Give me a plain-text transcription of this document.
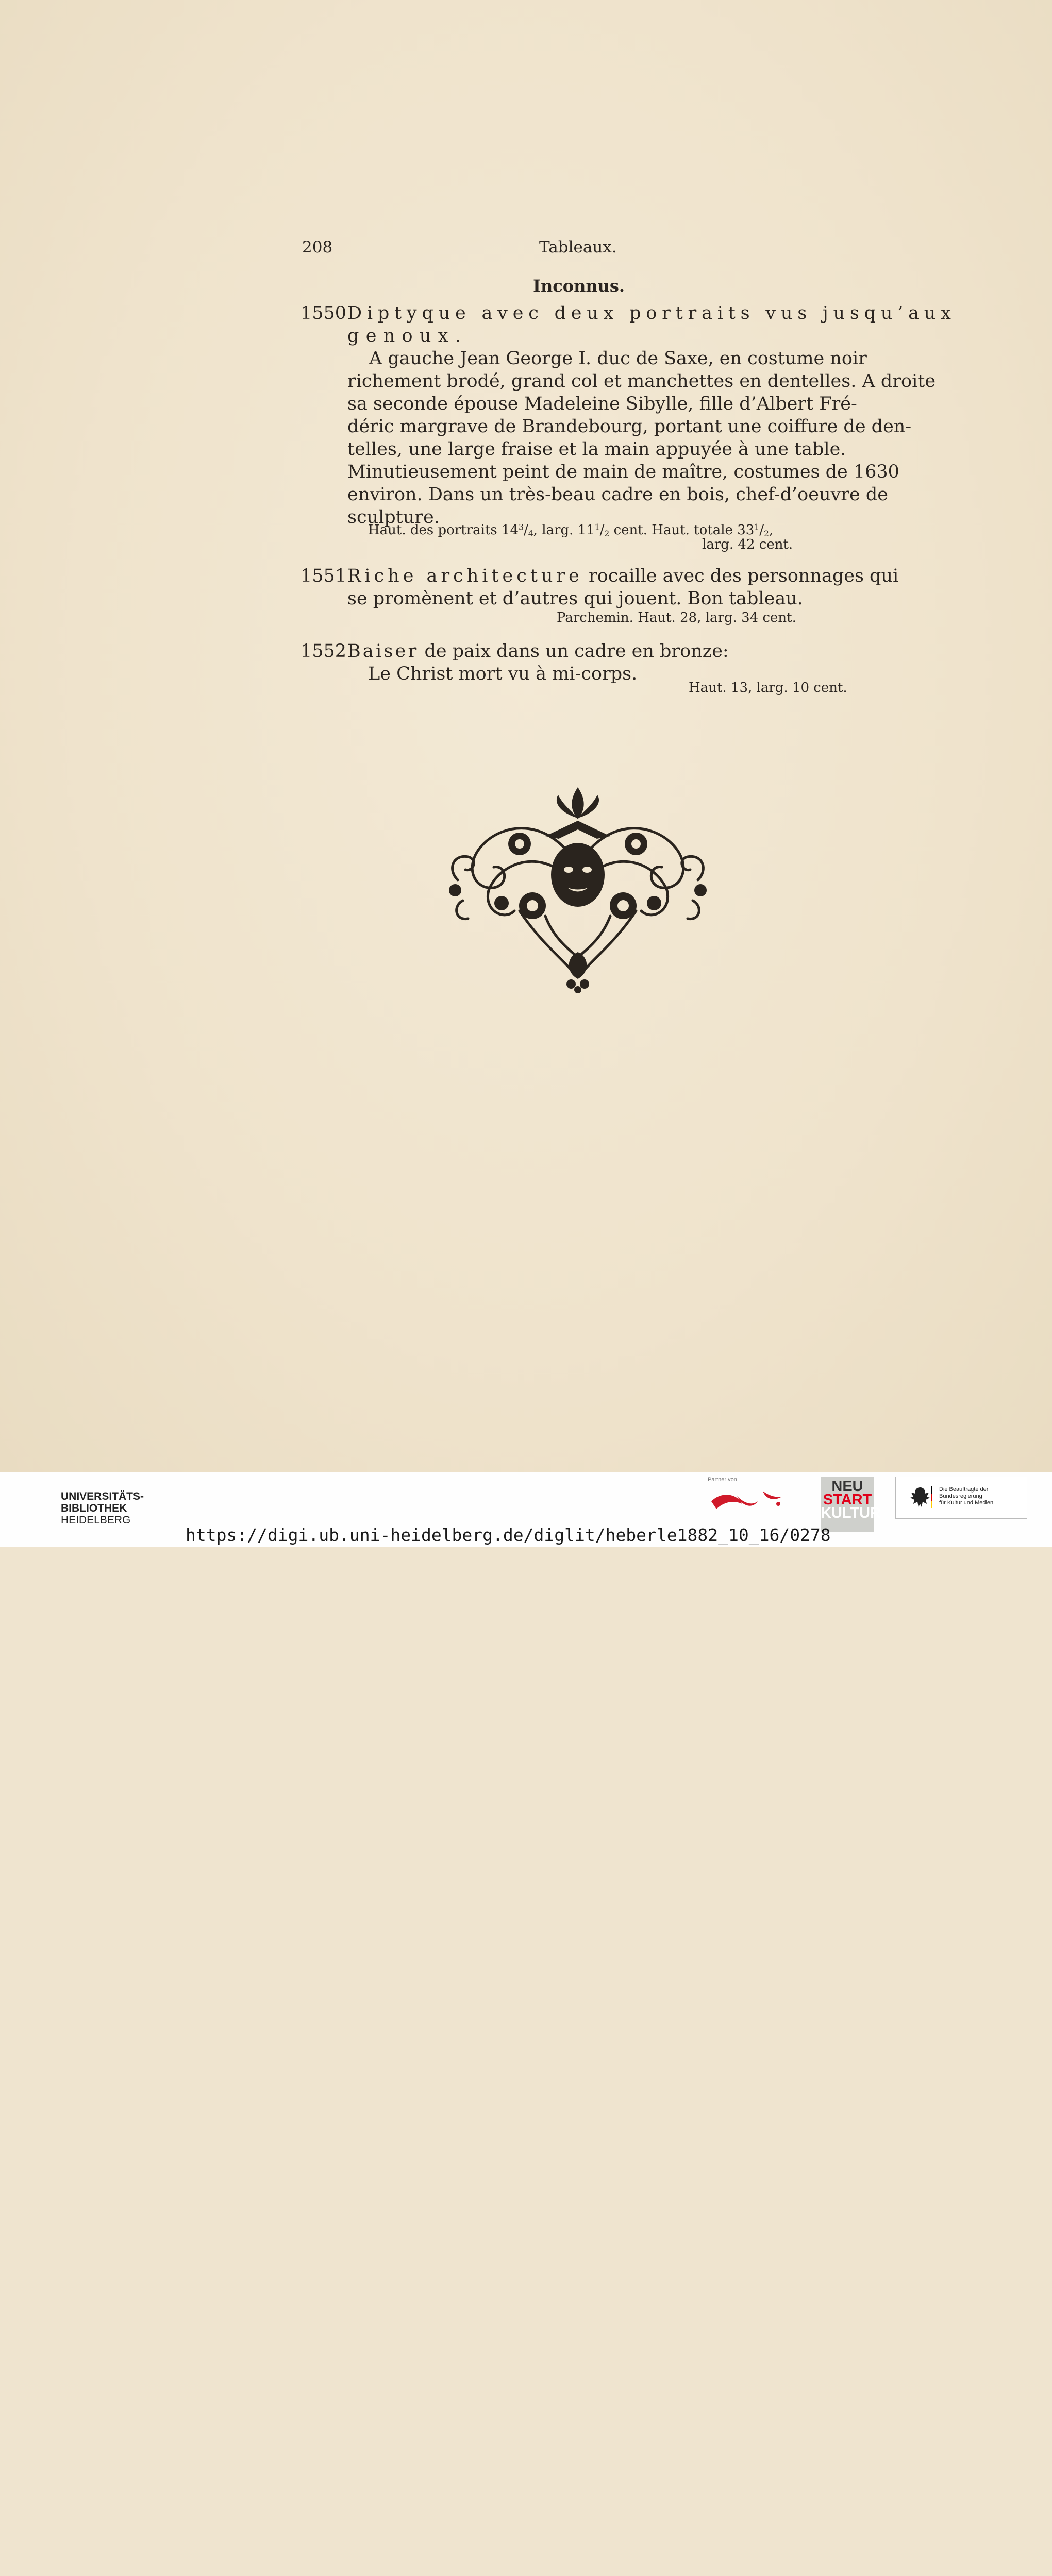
208	Tableaux.
Inconnus.
1550 Diptyque avec deux portraits vus jusqu’aux
genoux.
A gauche Jean George I. duc de Saxe, en costume noir
richement brodé, grand col et manchettes en dentelles. A droite
sa seconde épouse Madeleine Sibylle, fille d’Albert Fré-
déric margrave de Brandebourg, portant une coiffure de den-
telles, une large fraise et la main appuyée à une table.
Minutieusement peint de main de maître, costumes de 1630
environ. Dans un très-beau cadre en bois, chef-d’oeuvre de
sculpture.
Haut. des portraits $14^3/_4$, larg. $11^1/_2$ cent. Haut. totale $33^1/_2$,
larg. 42 cent.
1551 Riche architecture rocaille avec des personnages qui
se promènent et d’autres qui jouent. Bon tableau.
Parchemin. Haut. 28, larg. 34 cent.
1552 Baiser de paix dans un cadre en bronze:
Le Christ mort vu à mi-corps.
Haut. 13, larg. 10 cent.
UNIVERSITÄTS-
BIBLIOTHEK
HEIDELBERG
Partner von	NEU
START
KULTUR
Die Beauftragte der Bundesregierung
für Kultur und Medien
https://digi.ub.uni-heidelberg.de/diglit/heberle1882_10_16/0278
